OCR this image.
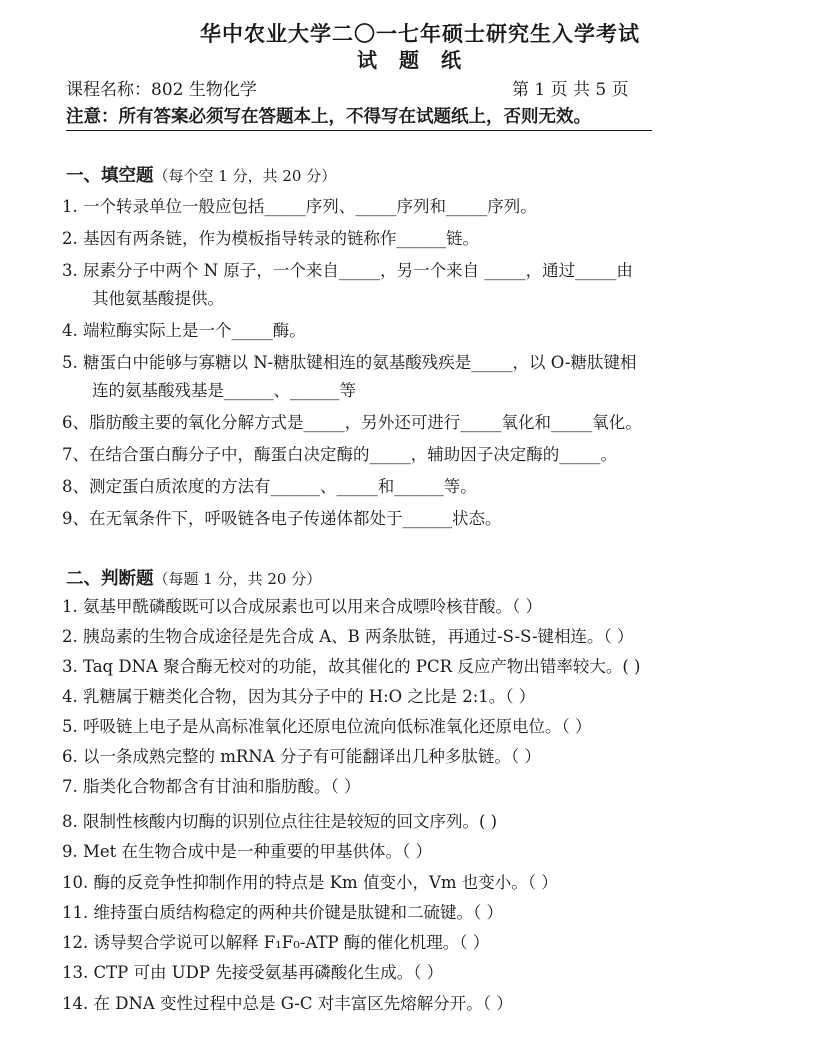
华中农业大学二〇一七年硕士研究生入学考试
试题纸
课程名称：802 生物化学	第 1 页 共 5 页
注意：所有答案必须写在答题本上，不得写在试题纸上，否则无效。
一、填空题（每个空 1 分，共 20 分）
1. 一个转录单位一般应包括_____序列、_____序列和_____序列。
2. 基因有两条链，作为模板指导转录的链称作______链。
3. 尿素分子中两个 N 原子，一个来自_____，另一个来自 _____，通过_____由
其他氨基酸提供。
4. 端粒酶实际上是一个_____酶。
5. 糖蛋白中能够与寡糖以 N-糖肽键相连的氨基酸残疾是_____，以 O-糖肽键相
连的氨基酸残基是______、______等
6、脂肪酸主要的氧化分解方式是_____，另外还可进行_____氧化和_____氧化。
7、在结合蛋白酶分子中，酶蛋白决定酶的_____，辅助因子决定酶的_____。
8、测定蛋白质浓度的方法有______、_____和______等。
9、在无氧条件下，呼吸链各电子传递体都处于______状态。
二、判断题（每题 1 分，共 20 分）
1. 氨基甲酰磷酸既可以合成尿素也可以用来合成嘌呤核苷酸。（ ）
2. 胰岛素的生物合成途径是先合成 A、B 两条肽链，再通过-S-S-键相连。（ ）
3. Taq DNA 聚合酶无校对的功能，故其催化的 PCR 反应产物出错率较大。( )
4. 乳糖属于糖类化合物，因为其分子中的 H:O 之比是 2:1。（ ）
5. 呼吸链上电子是从高标准氧化还原电位流向低标准氧化还原电位。（ ）
6. 以一条成熟完整的 mRNA 分子有可能翻译出几种多肽链。（ ）
7. 脂类化合物都含有甘油和脂肪酸。（ ）
8. 限制性核酸内切酶的识别位点往往是较短的回文序列。( )
9. Met 在生物合成中是一种重要的甲基供体。（ ）
10. 酶的反竞争性抑制作用的特点是 Km 值变小，Vm 也变小。（ ）
11. 维持蛋白质结构稳定的两种共价键是肽键和二硫键。（ ）
12. 诱导契合学说可以解释 F₁F₀-ATP 酶的催化机理。（ ）
13. CTP 可由 UDP 先接受氨基再磷酸化生成。（ ）
14. 在 DNA 变性过程中总是 G-C 对丰富区先熔解分开。（ ）
